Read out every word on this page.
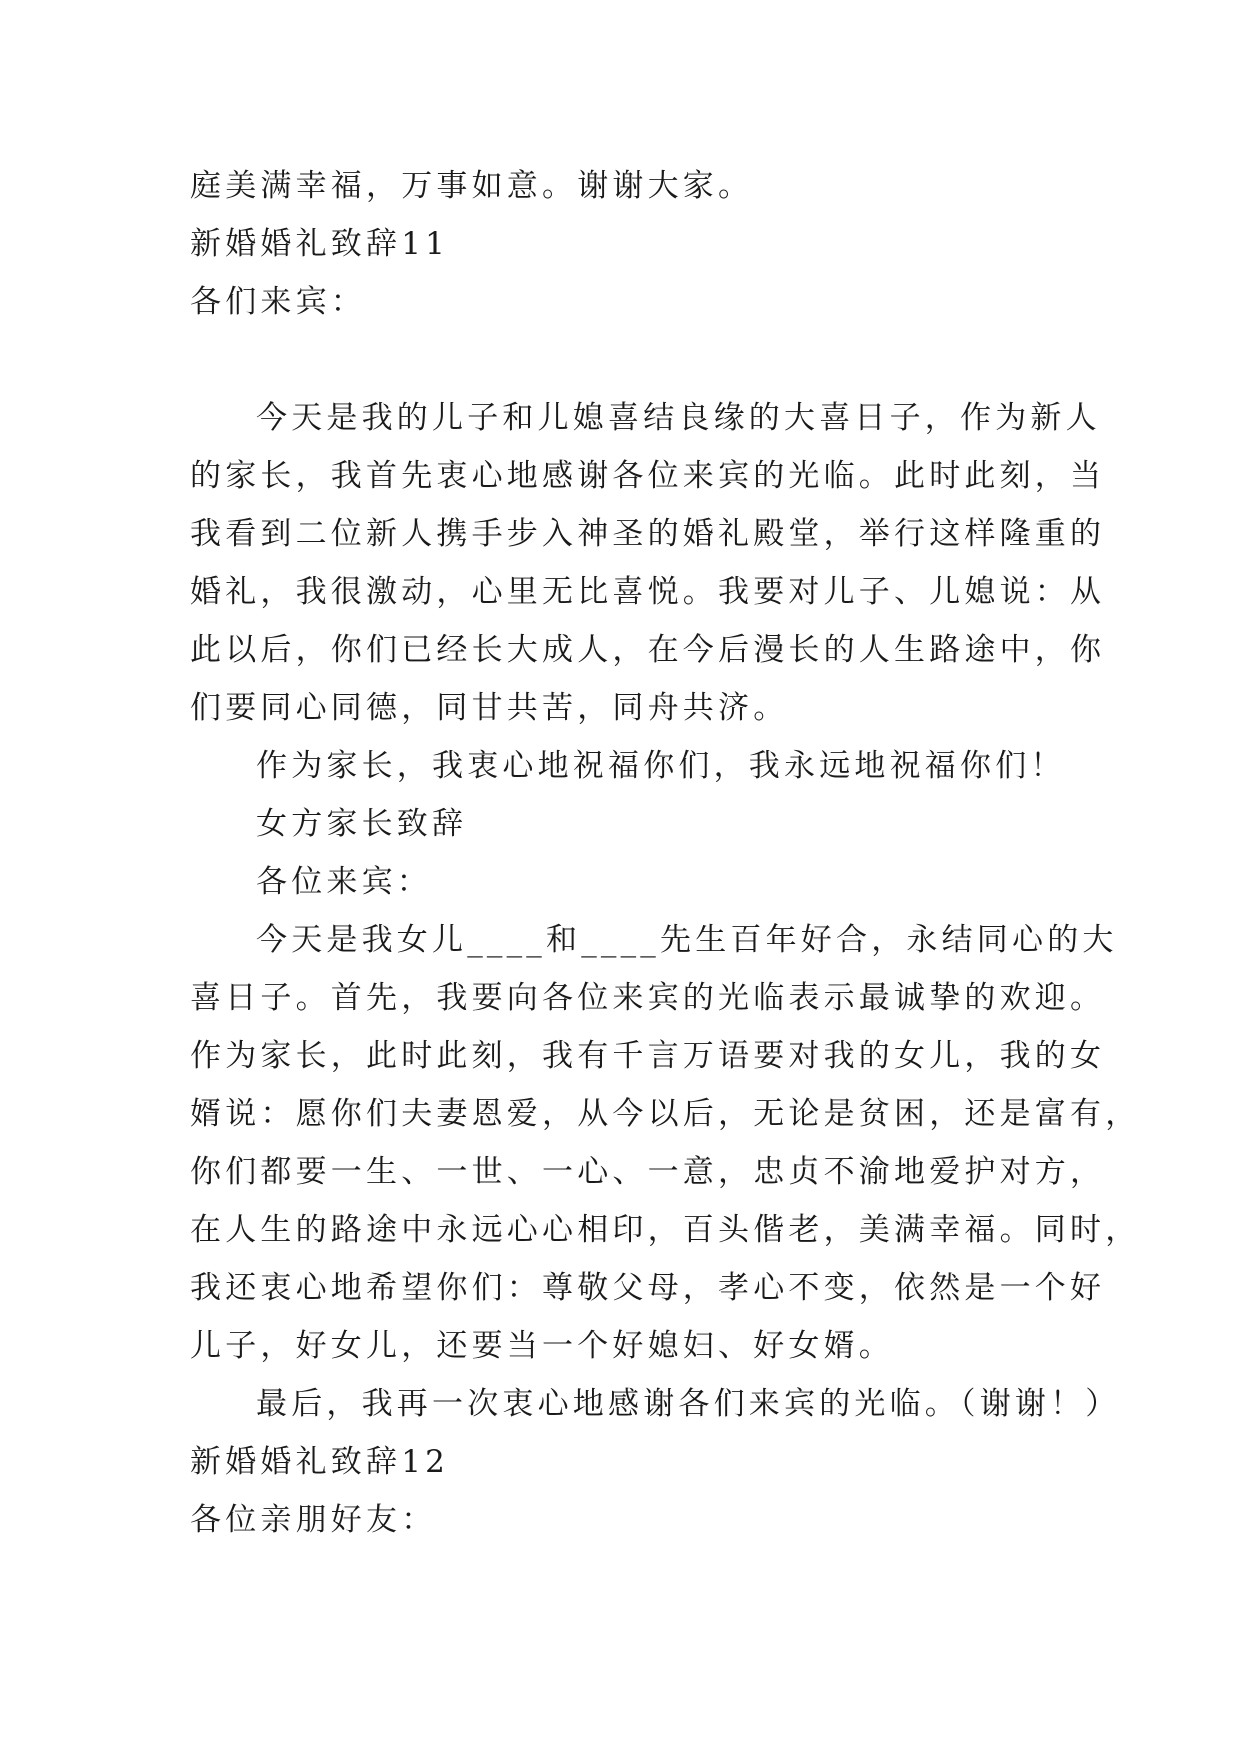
庭美满幸福，万事如意。谢谢大家。
新婚婚礼致辞11
各们来宾：
今天是我的儿子和儿媳喜结良缘的大喜日子，作为新人
的家长，我首先衷心地感谢各位来宾的光临。此时此刻，当
我看到二位新人携手步入神圣的婚礼殿堂，举行这样隆重的
婚礼，我很激动，心里无比喜悦。我要对儿子、儿媳说：从
此以后，你们已经长大成人，在今后漫长的人生路途中，你
们要同心同德，同甘共苦，同舟共济。
作为家长，我衷心地祝福你们，我永远地祝福你们！
女方家长致辞
各位来宾：
今天是我女儿____和____先生百年好合，永结同心的大
喜日子。首先，我要向各位来宾的光临表示最诚挚的欢迎。
作为家长，此时此刻，我有千言万语要对我的女儿，我的女
婿说：愿你们夫妻恩爱，从今以后，无论是贫困，还是富有，
你们都要一生、一世、一心、一意，忠贞不渝地爱护对方，
在人生的路途中永远心心相印，百头偕老，美满幸福。同时，
我还衷心地希望你们：尊敬父母，孝心不变，依然是一个好
儿子，好女儿，还要当一个好媳妇、好女婿。
最后，我再一次衷心地感谢各们来宾的光临。（谢谢！）
新婚婚礼致辞12
各位亲朋好友：
